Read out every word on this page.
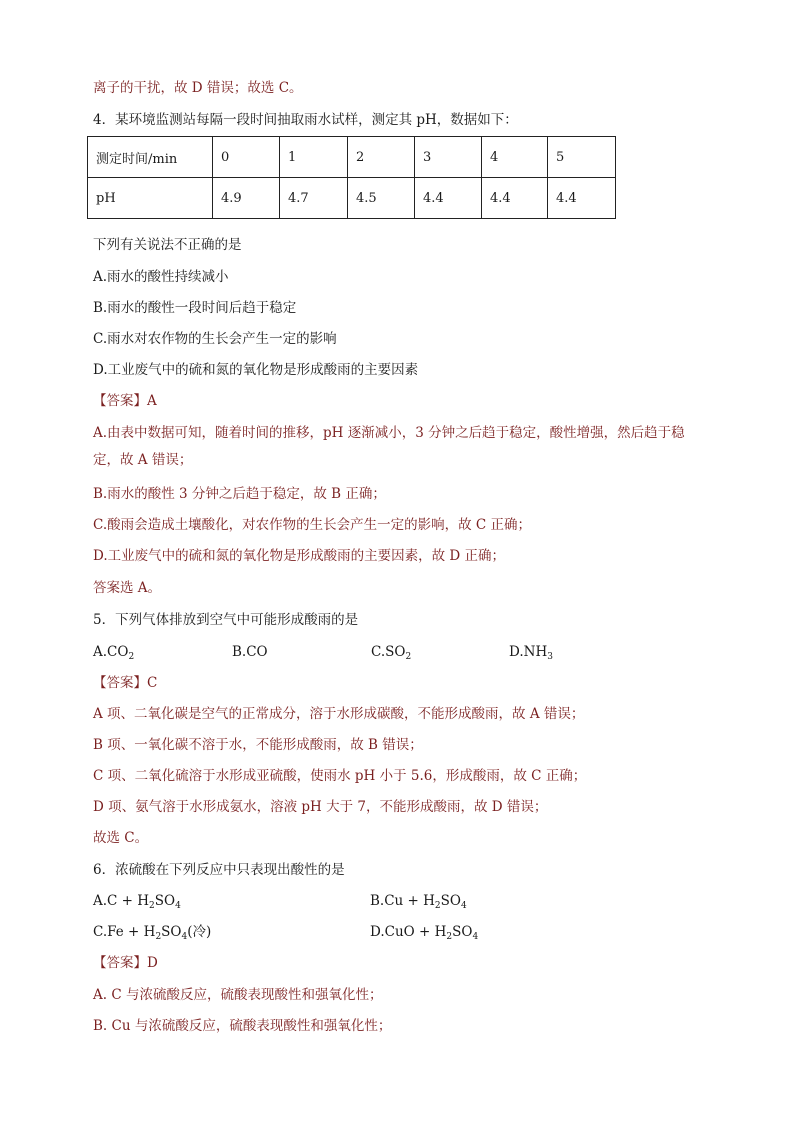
离子的干扰，故 D 错误；故选 C。
4．某环境监测站每隔一段时间抽取雨水试样，测定其 pH，数据如下：
测定时间/min	0	1	2	3	4	5
pH	4.9	4.7	4.5	4.4	4.4	4.4
下列有关说法不正确的是
A.雨水的酸性持续减小
B.雨水的酸性一段时间后趋于稳定
C.雨水对农作物的生长会产生一定的影响
D.工业废气中的硫和氮的氧化物是形成酸雨的主要因素
【答案】A
A.由表中数据可知，随着时间的推移，pH 逐渐减小，3 分钟之后趋于稳定，酸性增强，然后趋于稳定，故 A 错误；
B.雨水的酸性 3 分钟之后趋于稳定，故 B 正确；
C.酸雨会造成土壤酸化，对农作物的生长会产生一定的影响，故 C 正确；
D.工业废气中的硫和氮的氧化物是形成酸雨的主要因素，故 D 正确；
答案选 A。
5．下列气体排放到空气中可能形成酸雨的是
$A.CO_2$	B.CO	$C.SO_2$	$D.NH_3$
【答案】C
A 项、二氧化碳是空气的正常成分，溶于水形成碳酸，不能形成酸雨，故 A 错误；
B 项、一氧化碳不溶于水，不能形成酸雨，故 B 错误；
C 项、二氧化硫溶于水形成亚硫酸，使雨水 pH 小于 5.6，形成酸雨，故 C 正确；
D 项、氨气溶于水形成氨水，溶液 pH 大于 7，不能形成酸雨，故 D 错误；
故选 C。
6．浓硫酸在下列反应中只表现出酸性的是
$A.C + H_2SO_4$	$B.Cu + H_2SO_4$
$C.Fe + H_2SO_4$(冷)	$D.CuO + H_2SO_4$
【答案】D
A. C 与浓硫酸反应，硫酸表现酸性和强氧化性；
B. Cu 与浓硫酸反应，硫酸表现酸性和强氧化性；
